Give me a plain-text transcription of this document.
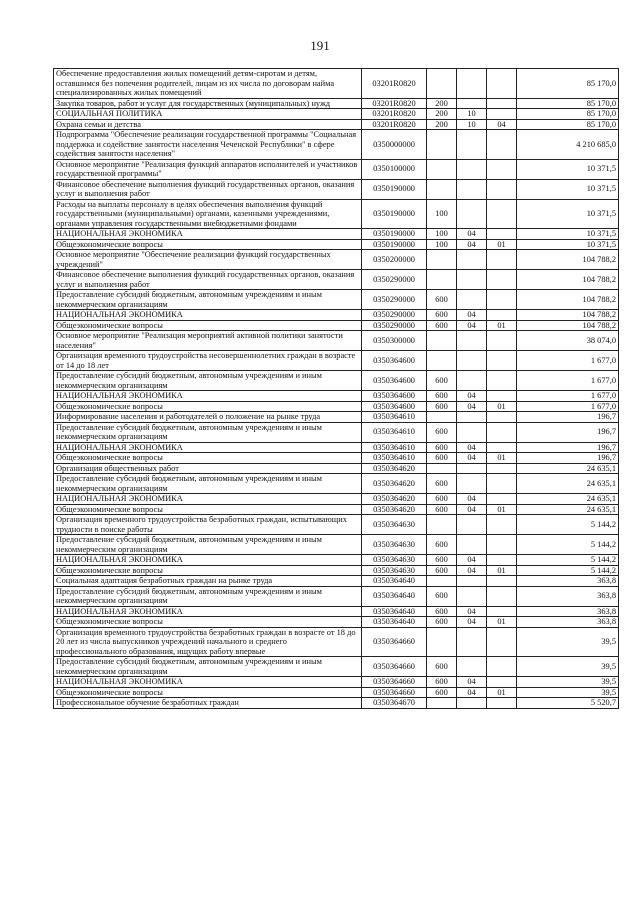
191
Обеспечение предоставления жилых помещений детям-сиротам и детям, оставшимся без попечения родителей, лицам из их числа по договорам найма специализированных жилых помещений	03201R0820				85 170,0
Закупка товаров, работ и услуг для государственных (муниципальных) нужд	03201R0820	200			85 170,0
СОЦИАЛЬНАЯ ПОЛИТИКА	03201R0820	200	10		85 170,0
Охрана семьи и детства	03201R0820	200	10	04	85 170,0
Подпрограмма "Обеспечение реализации государственной программы "Социальная поддержка и содействие занятости населения Чеченской Республики" в сфере содействия занятости населения"	0350000000				4 210 685,0
Основное мероприятие "Реализация функций аппаратов исполнителей и участников государственной программы"	0350100000				10 371,5
Финансовое обеспечение выполнения функций государственных органов, оказания услуг и выполнения работ	0350190000				10 371,5
Расходы на выплаты персоналу в целях обеспечения выполнения функций государственными (муниципальными) органами, казенными учреждениями, органами управления государственными внебюджетными фондами	0350190000	100			10 371,5
НАЦИОНАЛЬНАЯ ЭКОНОМИКА	0350190000	100	04		10 371,5
Общеэкономические вопросы	0350190000	100	04	01	10 371,5
Основное мероприятие "Обеспечение реализации функций государственных учреждений"	0350200000				104 788,2
Финансовое обеспечение выполнения функций государственных органов, оказания услуг и выполнения работ	0350290000				104 788,2
Предоставление субсидий бюджетным, автономным учреждениям и иным некоммерческим организациям	0350290000	600			104 788,2
НАЦИОНАЛЬНАЯ ЭКОНОМИКА	0350290000	600	04		104 788,2
Общеэкономические вопросы	0350290000	600	04	01	104 788,2
Основное мероприятие "Реализация мероприятий активной политики занятости населения"	0350300000				38 074,0
Организация временного трудоустройства несовершеннолетних граждан в возрасте от 14 до 18 лет	0350364600				1 677,0
Предоставление субсидий бюджетным, автономным учреждениям и иным некоммерческим организациям	0350364600	600			1 677,0
НАЦИОНАЛЬНАЯ ЭКОНОМИКА	0350364600	600	04		1 677,0
Общеэкономические вопросы	0350364600	600	04	01	1 677,0
Информирование населения и работодателей о положение на рынке труда	0350364610				196,7
Предоставление субсидий бюджетным, автономным учреждениям и иным некоммерческим организациям	0350364610	600			196,7
НАЦИОНАЛЬНАЯ ЭКОНОМИКА	0350364610	600	04		196,7
Общеэкономические вопросы	0350364610	600	04	01	196,7
Организация общественных работ	0350364620				24 635,1
Предоставление субсидий бюджетным, автономным учреждениям и иным некоммерческим организациям	0350364620	600			24 635,1
НАЦИОНАЛЬНАЯ ЭКОНОМИКА	0350364620	600	04		24 635,1
Общеэкономические вопросы	0350364620	600	04	01	24 635,1
Организация временного трудоустройства безработных граждан, испытывающих трудности в поиске работы	0350364630				5 144,2
Предоставление субсидий бюджетным, автономным учреждениям и иным некоммерческим организациям	0350364630	600			5 144,2
НАЦИОНАЛЬНАЯ ЭКОНОМИКА	0350364630	600	04		5 144,2
Общеэкономические вопросы	0350364630	600	04	01	5 144,2
Социальная адаптация безработных граждан на рынке труда	0350364640				363,8
Предоставление субсидий бюджетным, автономным учреждениям и иным некоммерческим организациям	0350364640	600			363,8
НАЦИОНАЛЬНАЯ ЭКОНОМИКА	0350364640	600	04		363,8
Общеэкономические вопросы	0350364640	600	04	01	363,8
Организация временного трудоустройства безработных граждан в возрасте от 18 до 20 лет из числа выпускников учреждений начального и среднего профессионального образования, ищущих работу впервые	0350364660				39,5
Предоставление субсидий бюджетным, автономным учреждениям и иным некоммерческим организациям	0350364660	600			39,5
НАЦИОНАЛЬНАЯ ЭКОНОМИКА	0350364660	600	04		39,5
Общеэкономические вопросы	0350364660	600	04	01	39,5
Профессиональное обучение безработных граждан	0350364670				5 520,7
